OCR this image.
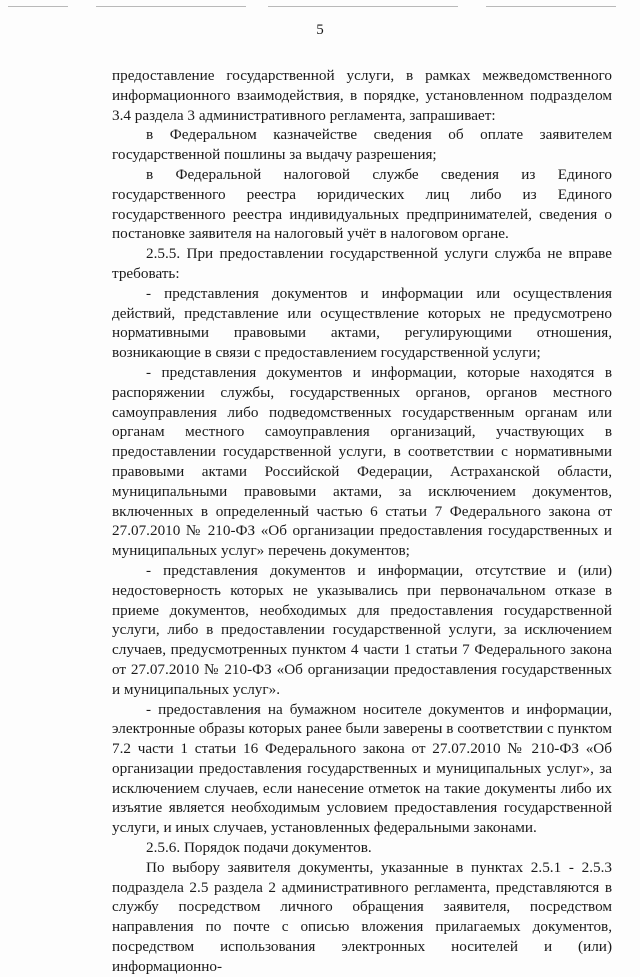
5

предоставление государственной услуги, в рамках межведомственного информационного взаимодействия, в порядке, установленном подразделом 3.4 раздела 3 административного регламента, запрашивает:

в Федеральном казначействе сведения об оплате заявителем государственной пошлины за выдачу разрешения;

в Федеральной налоговой службе сведения из Единого государственного реестра юридических лиц либо из Единого государственного реестра индивидуальных предпринимателей, сведения о постановке заявителя на налоговый учёт в налоговом органе.

2.5.5. При предоставлении государственной услуги служба не вправе требовать:

- представления документов и информации или осуществления действий, представление или осуществление которых не предусмотрено нормативными правовыми актами, регулирующими отношения, возникающие в связи с предоставлением государственной услуги;

- представления документов и информации, которые находятся в распоряжении службы, государственных органов, органов местного самоуправления либо подведомственных государственным органам или органам местного самоуправления организаций, участвующих в предоставлении государственной услуги, в соответствии с нормативными правовыми актами Российской Федерации, Астраханской области, муниципальными правовыми актами, за исключением документов, включенных в определенный частью 6 статьи 7 Федерального закона от 27.07.2010 № 210-ФЗ «Об организации предоставления государственных и муниципальных услуг» перечень документов;

- представления документов и информации, отсутствие и (или) недостоверность которых не указывались при первоначальном отказе в приеме документов, необходимых для предоставления государственной услуги, либо в предоставлении государственной услуги, за исключением случаев, предусмотренных пунктом 4 части 1 статьи 7 Федерального закона от 27.07.2010 № 210-ФЗ «Об организации предоставления государственных и муниципальных услуг».

- предоставления на бумажном носителе документов и информации, электронные образы которых ранее были заверены в соответствии с пунктом 7.2 части 1 статьи 16 Федерального закона от 27.07.2010 № 210-ФЗ «Об организации предоставления государственных и муниципальных услуг», за исключением случаев, если нанесение отметок на такие документы либо их изъятие является необходимым условием предоставления государственной услуги, и иных случаев, установленных федеральными законами.

2.5.6. Порядок подачи документов.

По выбору заявителя документы, указанные в пунктах 2.5.1 - 2.5.3 подраздела 2.5 раздела 2 административного регламента, представляются в службу посредством личного обращения заявителя, посредством направления по почте с описью вложения прилагаемых документов, посредством использования электронных носителей и (или) информационно-
